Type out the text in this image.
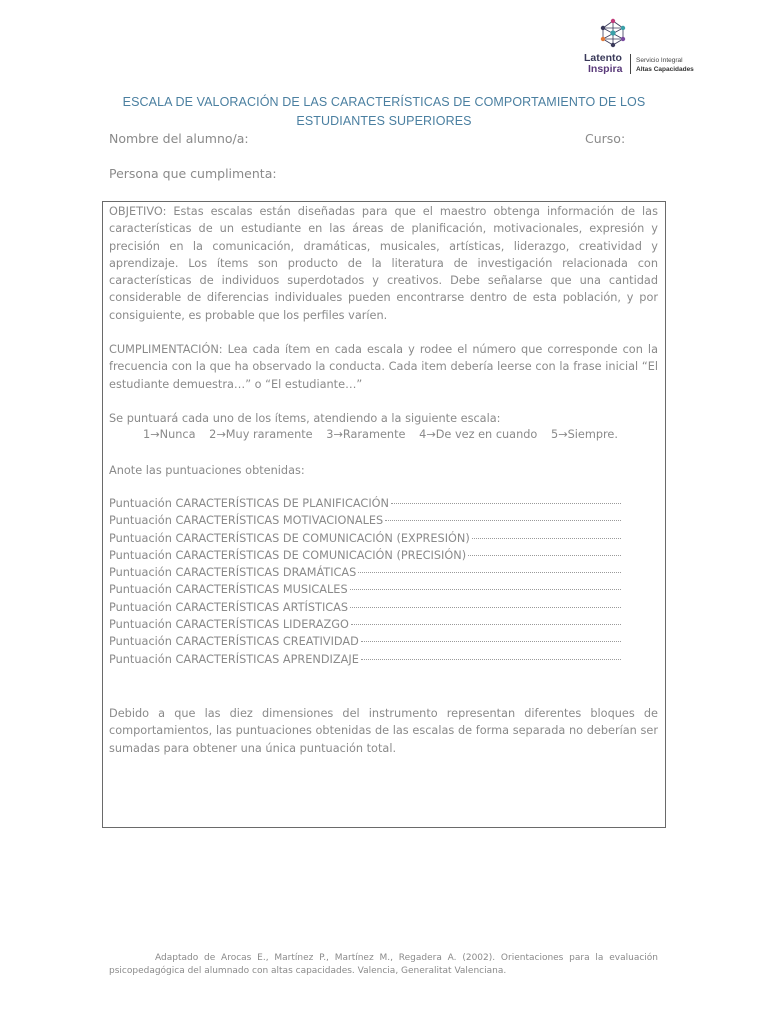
Latento
Inspira
Servicio Integral
Altas Capacidades
ESCALA DE VALORACIÓN DE LAS CARACTERÍSTICAS DE COMPORTAMIENTO DE LOS ESTUDIANTES SUPERIORES
Nombre del alumno/a:	Curso:
Persona que cumplimenta:
OBJETIVO: Estas escalas están diseñadas para que el maestro obtenga información de las características de un estudiante en las áreas de planificación, motivacionales, expresión y precisión en la comunicación, dramáticas, musicales, artísticas, liderazgo, creatividad y aprendizaje. Los ítems son producto de la literatura de investigación relacionada con características de individuos superdotados y creativos. Debe señalarse que una cantidad considerable de diferencias individuales pueden encontrarse dentro de esta población, y por consiguiente, es probable que los perfiles varíen.
CUMPLIMENTACIÓN: Lea cada ítem en cada escala y rodee el número que corresponde con la frecuencia con la que ha observado la conducta. Cada item debería leerse con la frase inicial “El estudiante demuestra…” o “El estudiante…”
Se puntuará cada uno de los ítems, atendiendo a la siguiente escala:
1→Nunca 2→Muy raramente 3→Raramente 4→De vez en cuando 5→Siempre.
Anote las puntuaciones obtenidas:
Puntuación CARACTERÍSTICAS DE PLANIFICACIÓN
Puntuación CARACTERÍSTICAS MOTIVACIONALES
Puntuación CARACTERÍSTICAS DE COMUNICACIÓN (EXPRESIÓN)
Puntuación CARACTERÍSTICAS DE COMUNICACIÓN (PRECISIÓN)
Puntuación CARACTERÍSTICAS DRAMÁTICAS
Puntuación CARACTERÍSTICAS MUSICALES
Puntuación CARACTERÍSTICAS ARTÍSTICAS
Puntuación CARACTERÍSTICAS LIDERAZGO
Puntuación CARACTERÍSTICAS CREATIVIDAD
Puntuación CARACTERÍSTICAS APRENDIZAJE
Debido a que las diez dimensiones del instrumento representan diferentes bloques de comportamientos, las puntuaciones obtenidas de las escalas de forma separada no deberían ser sumadas para obtener una única puntuación total.
Adaptado de Arocas E., Martínez P., Martínez M., Regadera A. (2002). Orientaciones para la evaluación psicopedagógica del alumnado con altas capacidades. Valencia, Generalitat Valenciana.
